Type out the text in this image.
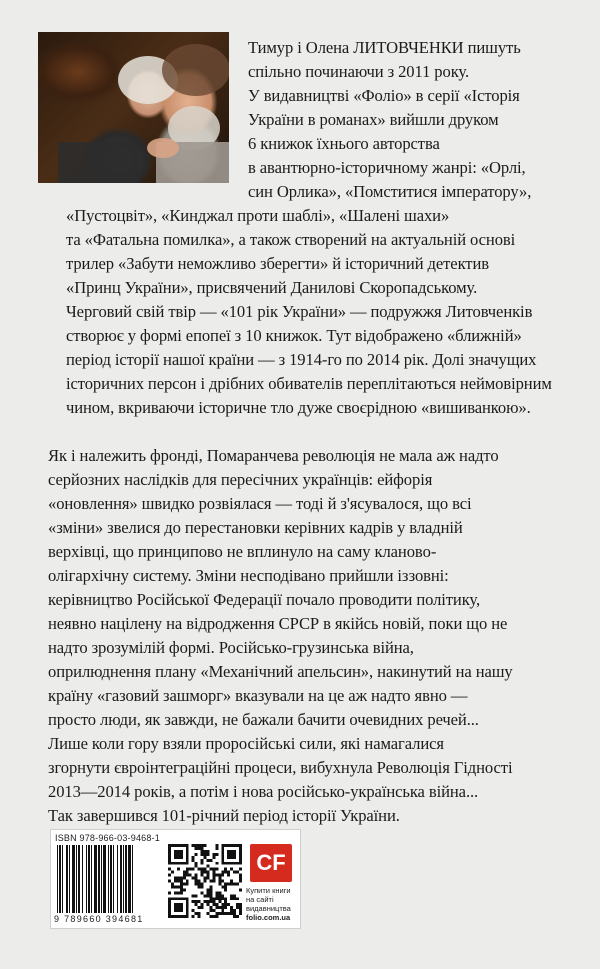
Тимур і Олена ЛИТОВЧЕНКИ пишуть

спільно починаючи з 2011 року.

У видавництві «Фоліо» в серії «Історія

України в романах» вийшли друком

6 книжок їхнього авторства

в авантюрно-історичному жанрі: «Орлі,

син Орлика», «Помститися імператору»,

«Пустоцвіт», «Кинджал проти шаблі», «Шалені шахи»

та «Фатальна помилка», а також створений на актуальній основі

трилер «Забути неможливо зберегти» й історичний детектив

«Принц України», присвячений Данилові Скоропадському.

Черговий свій твір — «101 рік України» — подружжя Литовченків

створює у формі епопеї з 10 книжок. Тут відображено «ближній»

період історії нашої країни — з 1914-го по 2014 рік. Долі значущих

історичних персон і дрібних обивателів переплітаються неймовірним

чином, вкриваючи історичне тло дуже своєрідною «вишиванкою».

Як і належить фронді, Помаранчева революція не мала аж надто

серйозних наслідків для пересічних українців: ейфорія

«оновлення» швидко розвіялася — тоді й з'ясувалося, що всі

«зміни» звелися до перестановки керівних кадрів у владній

верхівці, що принципово не вплинуло на саму клановo-

олігархічну систему. Зміни несподівано прийшли іззовні:

керівництво Російської Федерації почало проводити політику,

неявно націлену на відродження СРСР в якійсь новій, поки що не

надто зрозумілій формі. Російсько-грузинська війна,

оприлюднення плану «Механічний апельсин», накинутий на нашу

країну «газовий зашморг» вказували на це аж надто явно —

просто люди, як завжди, не бажали бачити очевидних речей...

Лише коли гору взяли проросійські сили, які намагалися

згорнути євроінтеграційні процеси, вибухнула Революція Гідності

2013—2014 років, а потім і нова російсько-українська війна...

Так завершився 101-річний період історії України.

ISBN 978-966-03-9468-1
9 789660 394681
CF
Купити книги
на сайті
видавництва
folio.com.ua
